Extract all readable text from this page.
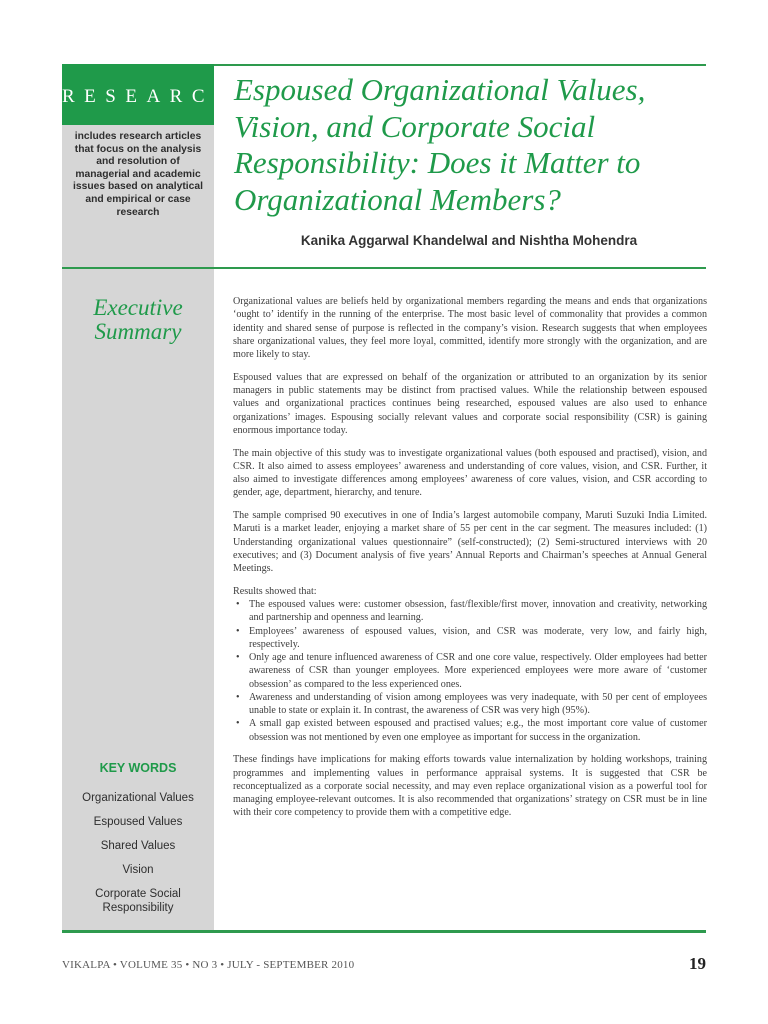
RESEARCH
includes research articles that focus on the analysis and resolution of managerial and academic issues based on analytical and empirical or case research
Espoused Organizational Values, Vision, and Corporate Social Responsibility: Does it Matter to Organizational Members?
Kanika Aggarwal Khandelwal and Nishtha Mohendra
Executive
Summary
KEY WORDS
Organizational Values
Espoused Values
Shared Values
Vision
Corporate Social Responsibility

Organizational values are beliefs held by organizational members regarding the means and ends that organizations ‘ought to’ identify in the running of the enterprise. The most basic level of commonality that provides a common identity and shared sense of purpose is reflected in the company’s vision. Research suggests that when employees share organizational values, they feel more loyal, committed, identify more strongly with the organization, and are more likely to stay.

Espoused values that are expressed on behalf of the organization or attributed to an organization by its senior managers in public statements may be distinct from practised values. While the relationship between espoused values and organizational practices continues being researched, espoused values are also used to enhance organizations’ images. Espousing socially relevant values and corporate social responsibility (CSR) is gaining enormous importance today.

The main objective of this study was to investigate organizational values (both espoused and practised), vision, and CSR. It also aimed to assess employees’ awareness and understanding of core values, vision, and CSR. Further, it also aimed to investigate differences among employees’ awareness of core values, vision, and CSR according to gender, age, department, hierarchy, and tenure.

The sample comprised 90 executives in one of India’s largest automobile company, Maruti Suzuki India Limited. Maruti is a market leader, enjoying a market share of 55 per cent in the car segment. The measures included: (1) Understanding organizational values questionnaire” (self-constructed); (2) Semi-structured interviews with 20 executives; and (3) Document analysis of five years’ Annual Reports and Chairman’s speeches at Annual General Meetings.

Results showed that:

• The espoused values were: customer obsession, fast/flexible/first mover, innovation and creativity, networking and partnership and openness and learning.
• Employees’ awareness of espoused values, vision, and CSR was moderate, very low, and fairly high, respectively.
• Only age and tenure influenced awareness of CSR and one core value, respectively. Older employees had better awareness of CSR than younger employees. More experienced employees were more aware of ‘customer obsession’ as compared to the less experienced ones.
• Awareness and understanding of vision among employees was very inadequate, with 50 per cent of employees unable to state or explain it. In contrast, the awareness of CSR was very high (95%).
• A small gap existed between espoused and practised values; e.g., the most important core value of customer obsession was not mentioned by even one employee as important for success in the organization.

These findings have implications for making efforts towards value internalization by holding workshops, training programmes and implementing values in performance appraisal systems. It is suggested that CSR be reconceptualized as a corporate social necessity, and may even replace organizational vision as a powerful tool for managing employee-relevant outcomes. It is also recommended that organizations’ strategy on CSR must be in line with their core competency to provide them with a competitive edge.

VIKALPA • VOLUME 35 • NO 3 • JULY - SEPTEMBER 2010	19
